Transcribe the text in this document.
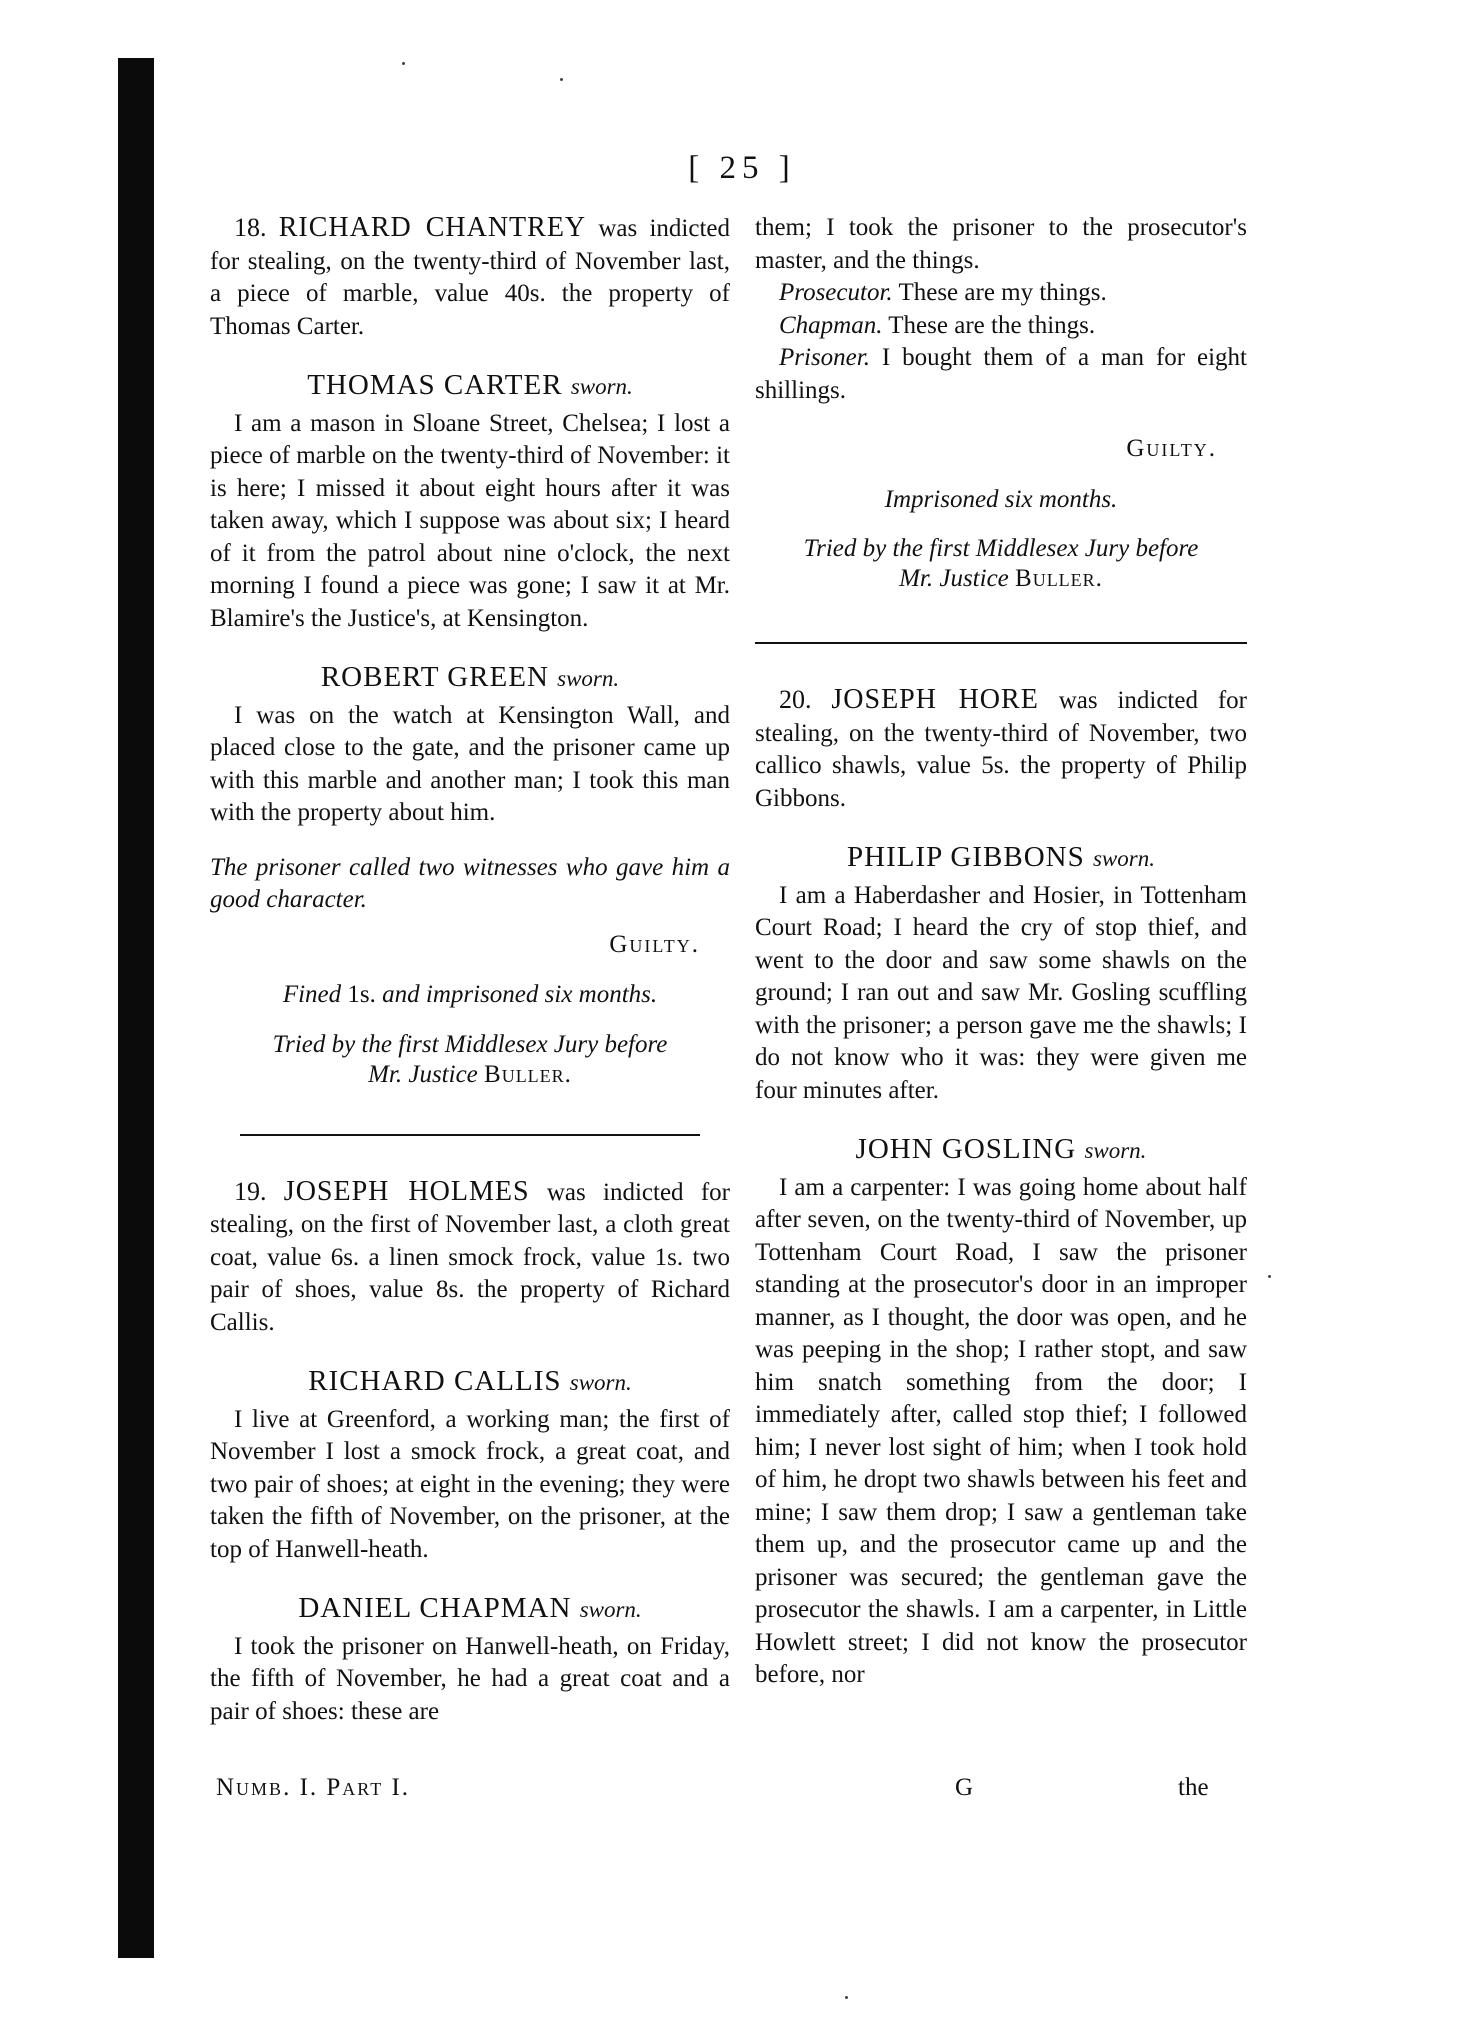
[ 25 ]

18. RICHARD CHANTREY was indicted for stealing, on the twenty-third of November last, a piece of marble, value 40s. the property of Thomas Carter.

THOMAS CARTER sworn.

I am a mason in Sloane Street, Chelsea; I lost a piece of marble on the twenty-third of November: it is here; I missed it about eight hours after it was taken away, which I suppose was about six; I heard of it from the patrol about nine o'clock, the next morning I found a piece was gone; I saw it at Mr. Blamire's the Justice's, at Kensington.

ROBERT GREEN sworn.

I was on the watch at Kensington Wall, and placed close to the gate, and the prisoner came up with this marble and another man; I took this man with the property about him.

The prisoner called two witnesses who gave him a good character.

Guilty.
Fined 1s. and imprisoned six months.
Tried by the first Middlesex Jury before
Mr. Justice Buller.

19. JOSEPH HOLMES was indicted for stealing, on the first of November last, a cloth great coat, value 6s. a linen smock frock, value 1s. two pair of shoes, value 8s. the property of Richard Callis.

RICHARD CALLIS sworn.

I live at Greenford, a working man; the first of November I lost a smock frock, a great coat, and two pair of shoes; at eight in the evening; they were taken the fifth of November, on the prisoner, at the top of Hanwell-heath.

DANIEL CHAPMAN sworn.

I took the prisoner on Hanwell-heath, on Friday, the fifth of November, he had a great coat and a pair of shoes: these are

them; I took the prisoner to the prosecutor's master, and the things.

Prosecutor. These are my things.

Chapman. These are the things.

Prisoner. I bought them of a man for eight shillings.

Guilty.
Imprisoned six months.
Tried by the first Middlesex Jury before
Mr. Justice Buller.

20. JOSEPH HORE was indicted for stealing, on the twenty-third of November, two callico shawls, value 5s. the property of Philip Gibbons.

PHILIP GIBBONS sworn.

I am a Haberdasher and Hosier, in Tottenham Court Road; I heard the cry of stop thief, and went to the door and saw some shawls on the ground; I ran out and saw Mr. Gosling scuffling with the prisoner; a person gave me the shawls; I do not know who it was: they were given me four minutes after.

JOHN GOSLING sworn.

I am a carpenter: I was going home about half after seven, on the twenty-third of November, up Tottenham Court Road, I saw the prisoner standing at the prosecutor's door in an improper manner, as I thought, the door was open, and he was peeping in the shop; I rather stopt, and saw him snatch something from the door; I immediately after, called stop thief; I followed him; I never lost sight of him; when I took hold of him, he dropt two shawls between his feet and mine; I saw them drop; I saw a gentleman take them up, and the prosecutor came up and the prisoner was secured; the gentleman gave the prosecutor the shawls. I am a carpenter, in Little Howlett street; I did not know the prosecutor before, nor

Numb. I. Part I.	G	the
